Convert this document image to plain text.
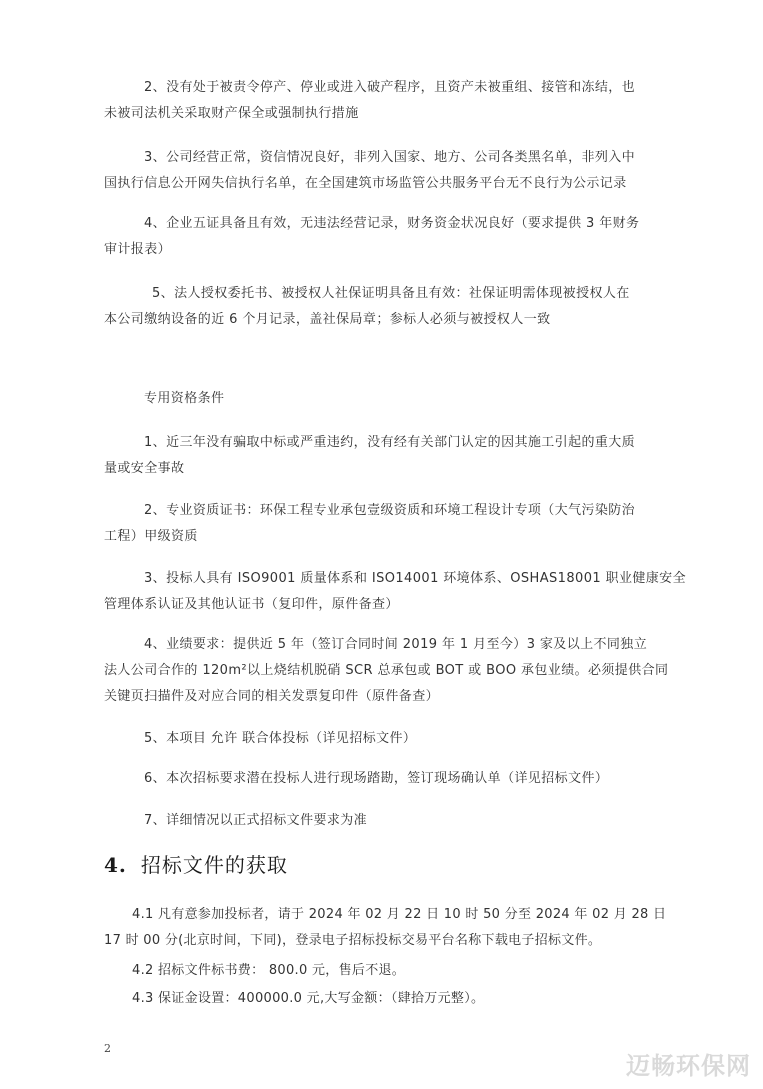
2、没有处于被责令停产、停业或进入破产程序，且资产未被重组、接管和冻结，也

未被司法机关采取财产保全或强制执行措施

3、公司经营正常，资信情况良好，非列入国家、地方、公司各类黑名单，非列入中

国执行信息公开网失信执行名单，在全国建筑市场监管公共服务平台无不良行为公示记录

4、企业五证具备且有效，无违法经营记录，财务资金状况良好（要求提供 3 年财务

审计报表）

5、法人授权委托书、被授权人社保证明具备且有效：社保证明需体现被授权人在

本公司缴纳设备的近 6 个月记录，盖社保局章；参标人必须与被授权人一致

专用资格条件

1、近三年没有骗取中标或严重违约，没有经有关部门认定的因其施工引起的重大质

量或安全事故

2、专业资质证书：环保工程专业承包壹级资质和环境工程设计专项（大气污染防治

工程）甲级资质

3、投标人具有 ISO9001 质量体系和 ISO14001 环境体系、OSHAS18001 职业健康安全

管理体系认证及其他认证书（复印件，原件备查）

4、业绩要求：提供近 5 年（签订合同时间 2019 年 1 月至今）3 家及以上不同独立

法人公司合作的 120m²以上烧结机脱硝 SCR 总承包或 BOT 或 BOO 承包业绩。必须提供合同

关键页扫描件及对应合同的相关发票复印件（原件备查）

5、本项目 允许 联合体投标（详见招标文件）

6、本次招标要求潜在投标人进行现场踏勘，签订现场确认单（详见招标文件）

7、详细情况以正式招标文件要求为准

4. 招标文件的获取

4.1 凡有意参加投标者，请于 2024 年 02 月 22 日 10 时 50 分至 2024 年 02 月 28 日

17 时 00 分(北京时间，下同)，登录电子招标投标交易平台名称下载电子招标文件。

4.2 招标文件标书费： 800.0 元，售后不退。

4.3 保证金设置：400000.0 元,大写金额：（肆拾万元整）。

2
迈畅环保网
